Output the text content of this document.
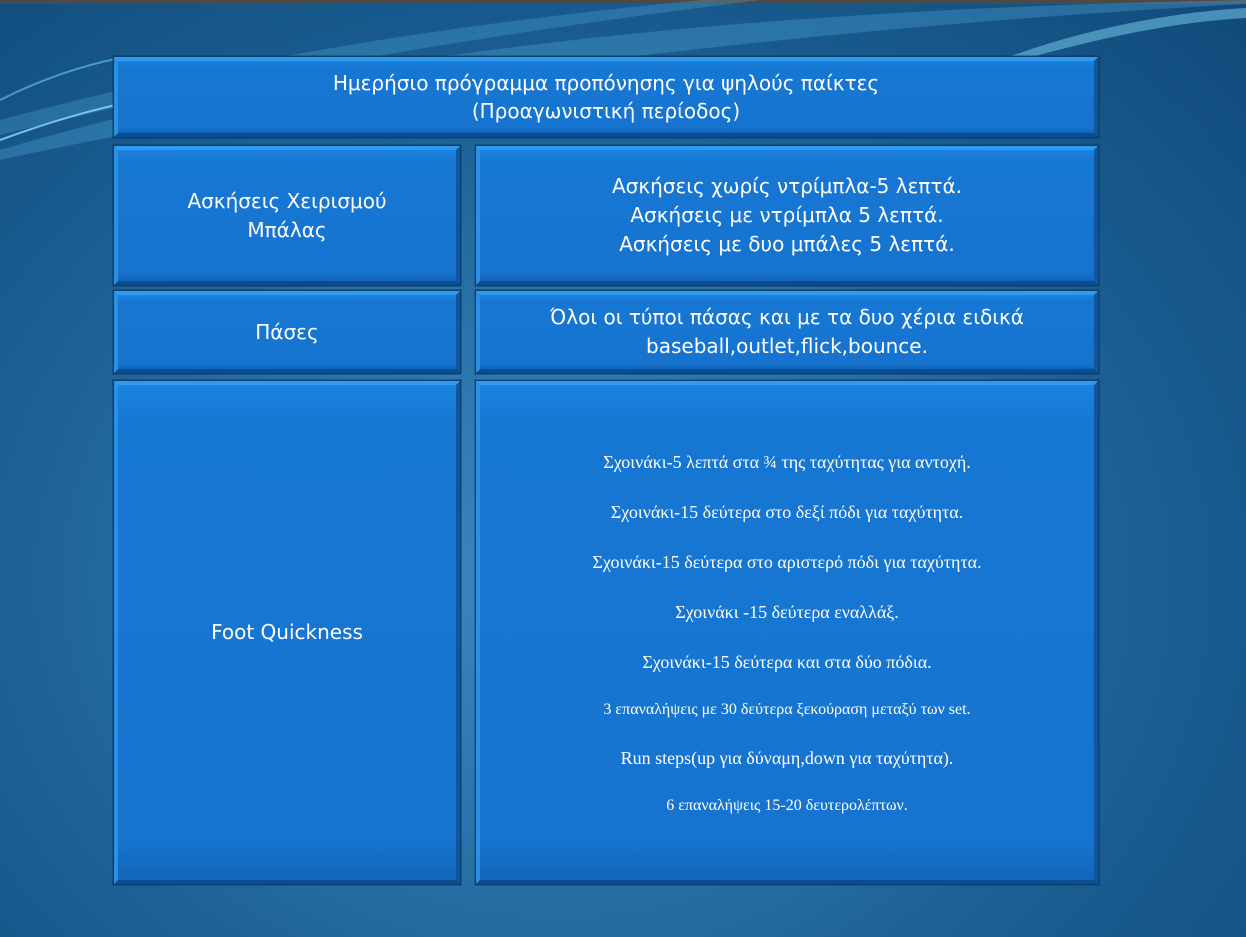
Ημερήσιο πρόγραμμα προπόνησης για ψηλούς παίκτες
(Προαγωνιστική περίοδος)
Ασκήσεις Χειρισμού
Μπάλας
Ασκήσεις χωρίς ντρίμπλα-5 λεπτά.
Ασκήσεις με ντρίμπλα 5 λεπτά.
Ασκήσεις με δυο μπάλες 5 λεπτά.
Πάσες
Όλοι οι τύποι πάσας και με τα δυο χέρια ειδικά
baseball,outlet,flick,bounce.
Foot Quickness
Σχοινάκι-5 λεπτά στα ¾ της ταχύτητας για αντοχή.
Σχοινάκι-15 δεύτερα στο δεξί πόδι για ταχύτητα.
Σχοινάκι-15 δεύτερα στο αριστερό πόδι για ταχύτητα.
Σχοινάκι -15 δεύτερα εναλλάξ.
Σχοινάκι-15 δεύτερα και στα δύο πόδια.
3 επαναλήψεις με 30 δεύτερα ξεκούραση μεταξύ των set.
Run steps(up για δύναμη,down για ταχύτητα).
6 επαναλήψεις 15-20 δευτερολέπτων.
